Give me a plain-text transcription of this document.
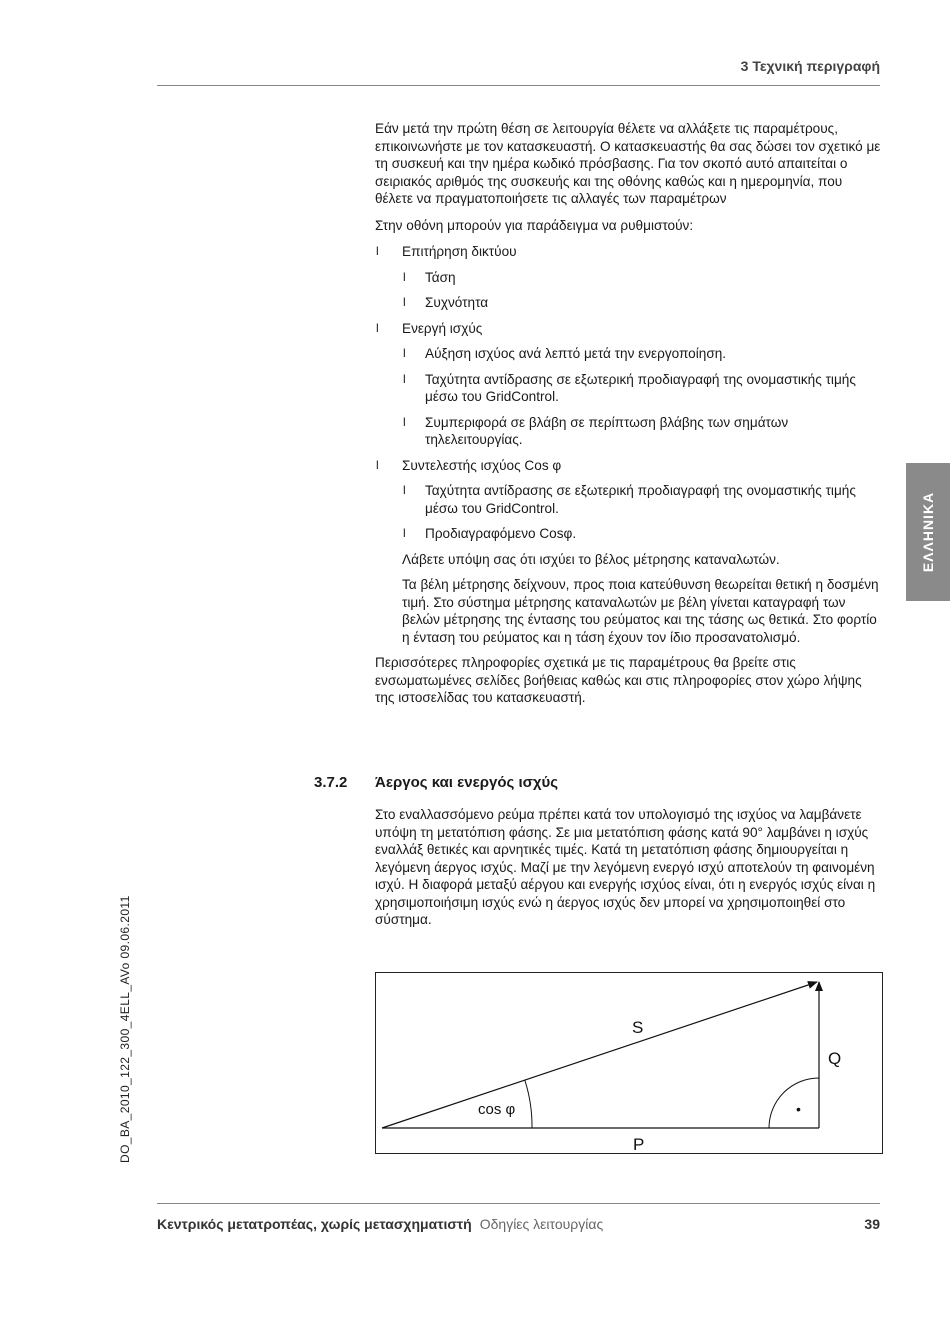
3 Τεχνική περιγραφή

Εάν μετά την πρώτη θέση σε λειτουργία θέλετε να αλλάξετε τις παραμέτρους, επικοινωνήστε με τον κατασκευαστή. Ο κατασκευαστής θα σας δώσει τον σχετικό με τη συσκευή και την ημέρα κωδικό πρόσβασης. Για τον σκοπό αυτό απαιτείται ο σειριακός αριθμός της συσκευής και της οθόνης καθώς και η ημερομηνία, που θέλετε να πραγματοποιήσετε τις αλλαγές των παραμέτρων

Στην οθόνη μπορούν για παράδειγμα να ρυθμιστούν:

l Επιτήρηση δικτύου
l Τάση
l Συχνότητα
l Ενεργή ισχύς
l Αύξηση ισχύος ανά λεπτό μετά την ενεργοποίηση.
l Ταχύτητα αντίδρασης σε εξωτερική προδιαγραφή της ονομαστικής τιμής μέσω του GridControl.
l Συμπεριφορά σε βλάβη σε περίπτωση βλάβης των σημάτων τηλελειτουργίας.
l Συντελεστής ισχύος Cos φ
l Ταχύτητα αντίδρασης σε εξωτερική προδιαγραφή της ονομαστικής τιμής μέσω του GridControl.
l Προδιαγραφόμενο Cosφ.
Λάβετε υπόψη σας ότι ισχύει το βέλος μέτρησης καταναλωτών.
Τα βέλη μέτρησης δείχνουν, προς ποια κατεύθυνση θεωρείται θετική η δοσμένη τιμή. Στο σύστημα μέτρησης καταναλωτών με βέλη γίνεται καταγραφή των βελών μέτρησης της έντασης του ρεύματος και της τάσης ως θετικά. Στο φορτίο η ένταση του ρεύματος και η τάση έχουν τον ίδιο προσανατολισμό.

Περισσότερες πληροφορίες σχετικά με τις παραμέτρους θα βρείτε στις ενσωματωμένες σελίδες βοήθειας καθώς και στις πληροφορίες στον χώρο λήψης της ιστοσελίδας του κατασκευαστή.

3.7.2 Άεργος και ενεργός ισχύς

Στο εναλλασσόμενο ρεύμα πρέπει κατά τον υπολογισμό της ισχύος να λαμβάνετε υπόψη τη μετατόπιση φάσης. Σε μια μετατόπιση φάσης κατά 90° λαμβάνει η ισχύς εναλλάξ θετικές και αρνητικές τιμές. Κατά τη μετατόπιση φάσης δημιουργείται η λεγόμενη άεργος ισχύς. Μαζί με την λεγόμενη ενεργό ισχύ αποτελούν τη φαινομένη ισχύ. Η διαφορά μεταξύ αέργου και ενεργής ισχύος είναι, ότι η ενεργός ισχύς είναι η χρησιμοποιήσιμη ισχύς ενώ η άεργος ισχύς δεν μπορεί να χρησιμοποιηθεί στο σύστημα.

S
Q
P
cos φ	•
ΕΛΛΗΝΙΚΑ
DO_BA_2010_122_300_4ELL_AVo 09.06.2011
Κεντρικός μετατροπέας, χωρίς μετασχηματιστή Οδηγίες λειτουργίας	39
